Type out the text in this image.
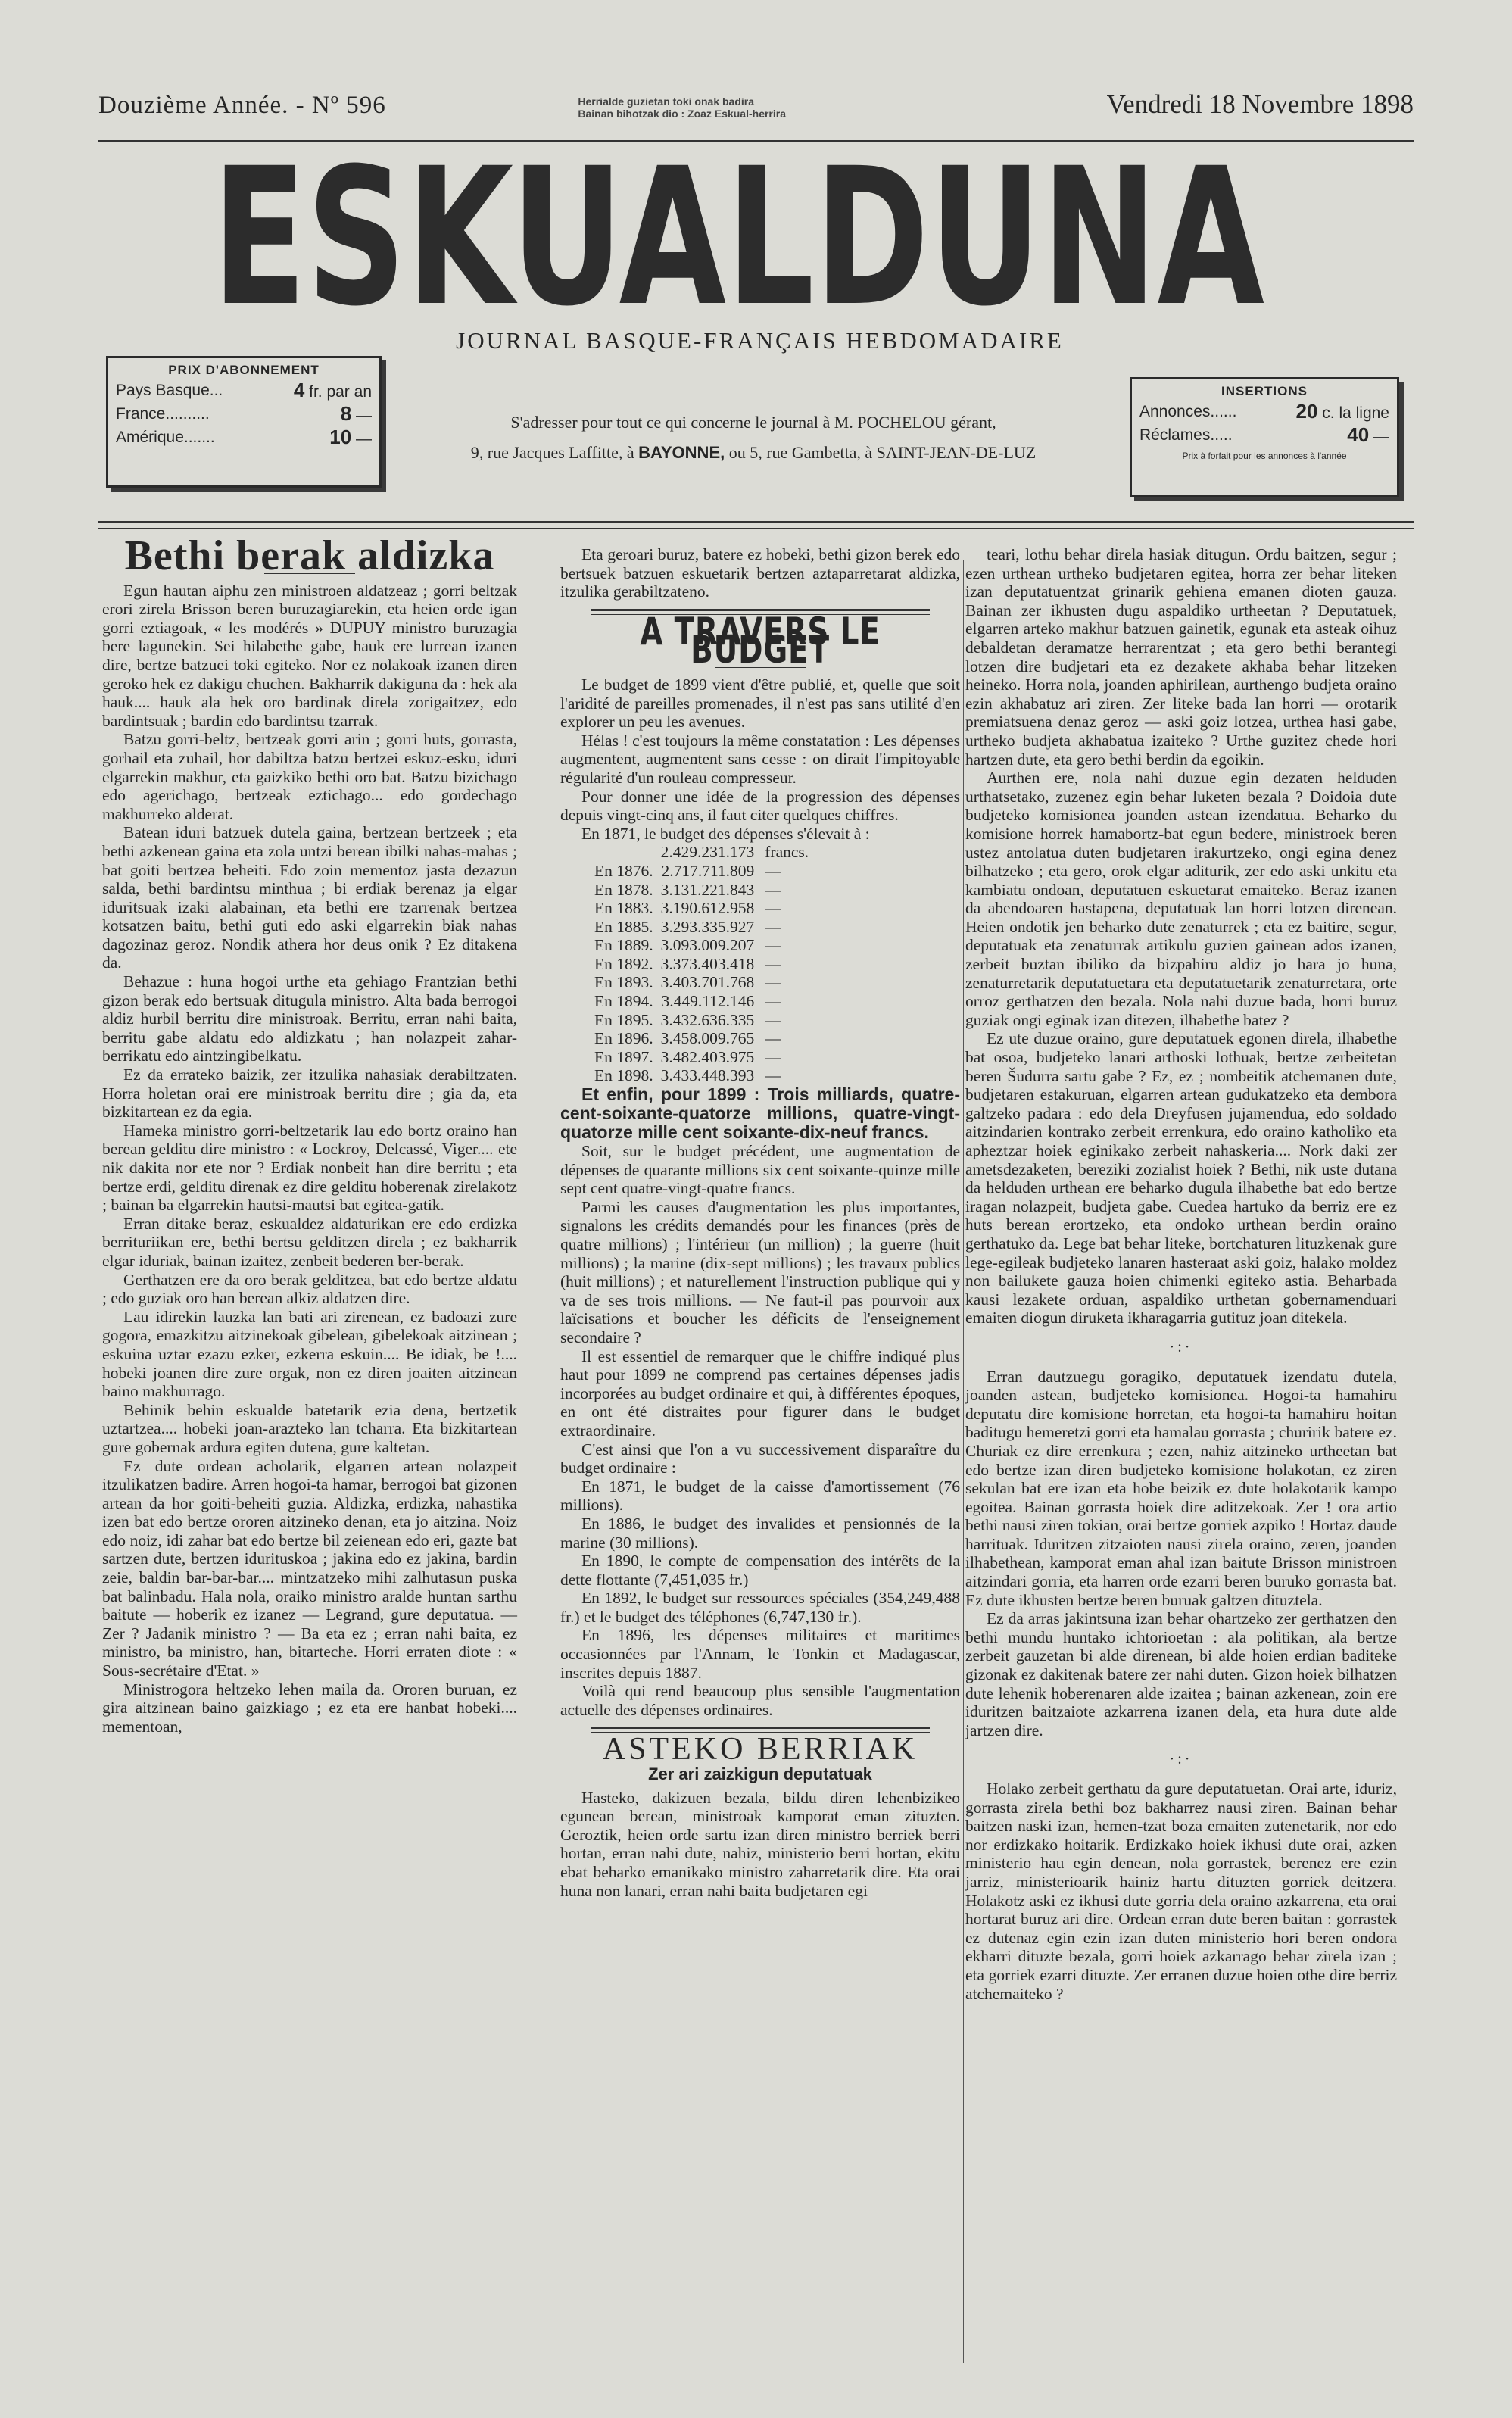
Douzième Année. - Nº 596	Herrialde guzietan toki onak badira
Bainan bihotzak dio : Zoaz Eskual-herrira	Vendredi 18 Novembre 1898
ESKUALDUNA
JOURNAL BASQUE-FRANÇAIS HEBDOMADAIRE
PRIX D'ABONNEMENT
Pays Basque...	4 fr. par an
France..........	8 —
Amérique.......	10 —
S'adresser pour tout ce qui concerne le journal à M. POCHELOU gérant,
9, rue Jacques Laffitte, à BAYONNE, ou 5, rue Gambetta, à SAINT-JEAN-DE-LUZ
INSERTIONS
Annonces......	20 c. la ligne
Réclames.....	40 —
Prix à forfait pour les annonces à l'année
Bethi berak aldizka

Egun hautan aiphu zen ministroen aldatzeaz ; gorri beltzak erori zirela Brisson beren buruzagiarekin, eta heien orde igan gorri eztiagoak, « les modérés » DUPUY ministro buruzagia bere lagunekin. Sei hilabethe gabe, hauk ere lurrean izanen dire, bertze batzuei toki egiteko. Nor ez nolakoak izanen diren geroko hek ez dakigu chuchen. Bakharrik dakiguna da : hek ala hauk.... hauk ala hek oro bardinak direla zorigaitzez, edo bardintsuak ; bardin edo bardintsu tzarrak.

Batzu gorri-beltz, bertzeak gorri arin ; gorri huts, gorrasta, gorhail eta zuhail, hor dabiltza batzu bertzei eskuz-esku, iduri elgarrekin makhur, eta gaizkiko bethi oro bat. Batzu bizichago edo agerichago, bertzeak eztichago... edo gordechago makhurreko alderat.

Batean iduri batzuek dutela gaina, bertzean bertzeek ; eta bethi azkenean gaina eta zola untzi berean ibilki nahas-mahas ; bat goiti bertzea beheiti. Edo zoin mementoz jasta dezazun salda, bethi bardintsu minthua ; bi erdiak berenaz ja elgar iduritsuak izaki alabainan, eta bethi ere tzarrenak bertzea kotsatzen baitu, bethi guti edo aski elgarrekin biak nahas dagozinaz geroz. Nondik athera hor deus onik ? Ez ditakena da.

Behazue : huna hogoi urthe eta gehiago Frantzian bethi gizon berak edo bertsuak ditugula ministro. Alta bada berrogoi aldiz hurbil berritu dire ministroak. Berritu, erran nahi baita, berritu gabe aldatu edo aldizkatu ; han nolazpeit zahar-berrikatu edo aintzingibelkatu.

Ez da errateko baizik, zer itzulika nahasiak derabiltzaten. Horra holetan orai ere ministroak berritu dire ; gia da, eta bizkitartean ez da egia.

Hameka ministro gorri-beltzetarik lau edo bortz oraino han berean gelditu dire ministro : « Lockroy, Delcassé, Viger.... ete nik dakita nor ete nor ? Erdiak nonbeit han dire berritu ; eta bertze erdi, gelditu direnak ez dire gelditu hoberenak zirelakotz ; bainan ba elgarrekin hautsi-mautsi bat egitea-gatik.

Erran ditake beraz, eskualdez aldaturikan ere edo erdizka berrituriikan ere, bethi bertsu gelditzen direla ; ez bakharrik elgar iduriak, bainan izaitez, zenbeit bederen ber-berak.

Gerthatzen ere da oro berak gelditzea, bat edo bertze aldatu ; edo guziak oro han berean alkiz aldatzen dire.

Lau idirekin lauzka lan bati ari zirenean, ez badoazi zure gogora, emazkitzu aitzinekoak gibelean, gibelekoak aitzinean ; eskuina uztar ezazu ezker, ezkerra eskuin.... Be idiak, be !.... hobeki joanen dire zure orgak, non ez diren joaiten aitzinean baino makhurrago.

Behinik behin eskualde batetarik ezia dena, bertzetik uztartzea.... hobeki joan-arazteko lan tcharra. Eta bizkitartean gure gobernak ardura egiten dutena, gure kaltetan.

Ez dute ordean acholarik, elgarren artean nolazpeit itzulikatzen badire. Arren hogoi-ta hamar, berrogoi bat gizonen artean da hor goiti-beheiti guzia. Aldizka, erdizka, nahastika izen bat edo bertze ororen aitzineko denan, eta jo aitzina. Noiz edo noiz, idi zahar bat edo bertze bil zeienean edo eri, gazte bat sartzen dute, bertzen idurituskoa ; jakina edo ez jakina, bardin zeie, baldin bar-bar-bar.... mintzatzeko mihi zalhutasun puska bat balinbadu. Hala nola, oraiko ministro aralde huntan sarthu baitute — hoberik ez izanez — Legrand, gure deputatua. — Zer ? Jadanik ministro ? — Ba eta ez ; erran nahi baita, ez ministro, ba ministro, han, bitarteche. Horri erraten diote : « Sous-secrétaire d'Etat. »

Ministrogora heltzeko lehen maila da. Ororen buruan, ez gira aitzinean baino gaizkiago ; ez eta ere hanbat hobeki.... mementoan,

Eta geroari buruz, batere ez hobeki, bethi gizon berek edo bertsuek batzuen eskuetarik bertzen aztaparretarat aldizka, itzulika gerabiltzateno.

A TRAVERS LE BUDGET

Le budget de 1899 vient d'être publié, et, quelle que soit l'aridité de pareilles promenades, il n'est pas sans utilité d'en explorer un peu les avenues.

Hélas ! c'est toujours la même constatation : Les dépenses augmentent, augmentent sans cesse : on dirait l'impitoyable régularité d'un rouleau compresseur.

Pour donner une idée de la progression des dépenses depuis vingt-cinq ans, il faut citer quelques chiffres.

En 1871, le budget des dépenses s'élevait à :

	2.429.231.173	francs.
En 1876.	2.717.711.809	—
En 1878.	3.131.221.843	—
En 1883.	3.190.612.958	—
En 1885.	3.293.335.927	—
En 1889.	3.093.009.207	—
En 1892.	3.373.403.418	—
En 1893.	3.403.701.768	—
En 1894.	3.449.112.146	—
En 1895.	3.432.636.335	—
En 1896.	3.458.009.765	—
En 1897.	3.482.403.975	—
En 1898.	3.433.448.393	—

Et enfin, pour 1899 : Trois milliards, quatre-cent-soixante-quatorze millions, quatre-vingt-quatorze mille cent soixante-dix-neuf francs.

Soit, sur le budget précédent, une augmentation de dépenses de quarante millions six cent soixante-quinze mille sept cent quatre-vingt-quatre francs.

Parmi les causes d'augmentation les plus importantes, signalons les crédits demandés pour les finances (près de quatre millions) ; l'intérieur (un million) ; la guerre (huit millions) ; la marine (dix-sept millions) ; les travaux publics (huit millions) ; et naturellement l'instruction publique qui y va de ses trois millions. — Ne faut-il pas pourvoir aux laïcisations et boucher les déficits de l'enseignement secondaire ?

Il est essentiel de remarquer que le chiffre indiqué plus haut pour 1899 ne comprend pas certaines dépenses jadis incorporées au budget ordinaire et qui, à différentes époques, en ont été distraites pour figurer dans le budget extraordinaire.

C'est ainsi que l'on a vu successivement disparaître du budget ordinaire :

En 1871, le budget de la caisse d'amortissement (76 millions).

En 1886, le budget des invalides et pensionnés de la marine (30 millions).

En 1890, le compte de compensation des intérêts de la dette flottante (7,451,035 fr.)

En 1892, le budget sur ressources spéciales (354,249,488 fr.) et le budget des téléphones (6,747,130 fr.).

En 1896, les dépenses militaires et maritimes occasionnées par l'Annam, le Tonkin et Madagascar, inscrites depuis 1887.

Voilà qui rend beaucoup plus sensible l'augmentation actuelle des dépenses ordinaires.

ASTEKO BERRIAK
Zer ari zaizkigun deputatuak

Hasteko, dakizuen bezala, bildu diren lehenbizikeo egunean berean, ministroak kamporat eman zituzten. Geroztik, heien orde sartu izan diren ministro berriek berri hortan, erran nahi dute, nahiz, ministerio berri hortan, ekitu ebat beharko emanikako ministro zaharretarik dire. Eta orai huna non lanari, erran nahi baita budjetaren egi

teari, lothu behar direla hasiak ditugun. Ordu baitzen, segur ; ezen urthean urtheko budjetaren egitea, horra zer behar liteken izan deputatuentzat grinarik gehiena emanen dioten gauza. Bainan zer ikhusten dugu aspaldiko urtheetan ? Deputatuek, elgarren arteko makhur batzuen gainetik, egunak eta asteak oihuz debaldetan deramatze herrarentzat ; eta gero bethi berantegi lotzen dire budjetari eta ez dezakete akhaba behar litzeken heineko. Horra nola, joanden aphirilean, aurthengo budjeta oraino ezin akhabatuz ari ziren. Zer liteke bada lan horri — orotarik premiatsuena denaz geroz — aski goiz lotzea, urthea hasi gabe, urtheko budjeta akhabatua izaiteko ? Urthe guzitez chede hori hartzen dute, eta gero bethi berdin da egoikin.

Aurthen ere, nola nahi duzue egin dezaten helduden urthatsetako, zuzenez egin behar luketen bezala ? Doidoia dute budjeteko komisionea joanden astean izendatua. Beharko du komisione horrek hamabortz-bat egun bedere, ministroek beren ustez antolatua duten budjetaren irakurtzeko, ongi egina denez bilhatzeko ; eta gero, orok elgar aditurik, zer edo aski unkitu eta kambiatu ondoan, deputatuen eskuetarat emaiteko. Beraz izanen da abendoaren hastapena, deputatuak lan horri lotzen direnean. Heien ondotik jen beharko dute zenaturrek ; eta ez baitire, segur, deputatuak eta zenaturrak artikulu guzien gainean ados izanen, zerbeit buztan ibiliko da bizpahiru aldiz jo hara jo huna, zenaturretarik deputatuetara eta deputatuetarik zenaturretara, orte orroz gerthatzen den bezala. Nola nahi duzue bada, horri buruz guziak ongi eginak izan ditezen, ilhabethe batez ?

Ez ute duzue oraino, gure deputatuek egonen direla, ilhabethe bat osoa, budjeteko lanari arthoski lothuak, bertze zerbeitetan beren Šudurra sartu gabe ? Ez, ez ; nombeitik atchemanen dute, budjetaren estakuruan, elgarren artean gudukatzeko eta dembora galtzeko padara : edo dela Dreyfusen jujamendua, edo soldado aitzindarien kontrako zerbeit errenkura, edo oraino katholiko eta apheztzar hoiek eginikako zerbeit nahaskeria.... Nork daki zer ametsdezaketen, bereziki zozialist hoiek ? Bethi, nik uste dutana da helduden urthean ere beharko dugula ilhabethe bat edo bertze iragan nolazpeit, budjeta gabe. Cuedea hartuko da berriz ere ez huts berean erortzeko, eta ondoko urthean berdin oraino gerthatuko da. Lege bat behar liteke, bortchaturen lituzkenak gure lege-egileak budjeteko lanaren hasteraat aski goiz, halako moldez non bailukete gauza hoien chimenki egiteko astia. Beharbada kausi lezakete orduan, aspaldiko urthetan gobernamenduari emaiten diogun diruketa ikharagarria gutituz joan ditekela.

·:·

Erran dautzuegu goragiko, deputatuek izendatu dutela, joanden astean, budjeteko komisionea. Hogoi-ta hamahiru deputatu dire komisione horretan, eta hogoi-ta hamahiru hoitan baditugu hemeretzi gorri eta hamalau gorrasta ; churirik batere ez. Churiak ez dire errenkura ; ezen, nahiz aitzineko urtheetan bat edo bertze izan diren budjeteko komisione holakotan, ez ziren sekulan bat ere izan eta hobe beizik ez dute holakotarik kampo egoitea. Bainan gorrasta hoiek dire aditzekoak. Zer ! ora artio bethi nausi ziren tokian, orai bertze gorriek azpiko ! Hortaz daude harrituak. Iduritzen zitzaioten nausi zirela oraino, zeren, joanden ilhabethean, kamporat eman ahal izan baitute Brisson ministroen aitzindari gorria, eta harren orde ezarri beren buruko gorrasta bat. Ez dute ikhusten bertze beren buruak galtzen dituztela.

Ez da arras jakintsuna izan behar ohartzeko zer gerthatzen den bethi mundu huntako ichtorioetan : ala politikan, ala bertze zerbeit gauzetan bi alde direnean, bi alde hoien erdian baditeke gizonak ez dakitenak batere zer nahi duten. Gizon hoiek bilhatzen dute lehenik hoberenaren alde izaitea ; bainan azkenean, zoin ere iduritzen baitzaiote azkarrena izanen dela, eta hura dute alde jartzen dire.

·:·

Holako zerbeit gerthatu da gure deputatuetan. Orai arte, iduriz, gorrasta zirela bethi boz bakharrez nausi ziren. Bainan behar baitzen naski izan, hemen-tzat boza emaiten zutenetarik, nor edo nor erdizkako hoitarik. Erdizkako hoiek ikhusi dute orai, azken ministerio hau egin denean, nola gorrastek, berenez ere ezin jarriz, ministerioarik hainiz hartu dituzten gorriek deitzera. Holakotz aski ez ikhusi dute gorria dela oraino azkarrena, eta orai hortarat buruz ari dire. Ordean erran dute beren baitan : gorrastek ez dutenaz egin ezin izan duten ministerio hori beren ondora ekharri dituzte bezala, gorri hoiek azkarrago behar zirela izan ; eta gorriek ezarri dituzte. Zer erranen duzue hoien othe dire berriz atchemaiteko ?
